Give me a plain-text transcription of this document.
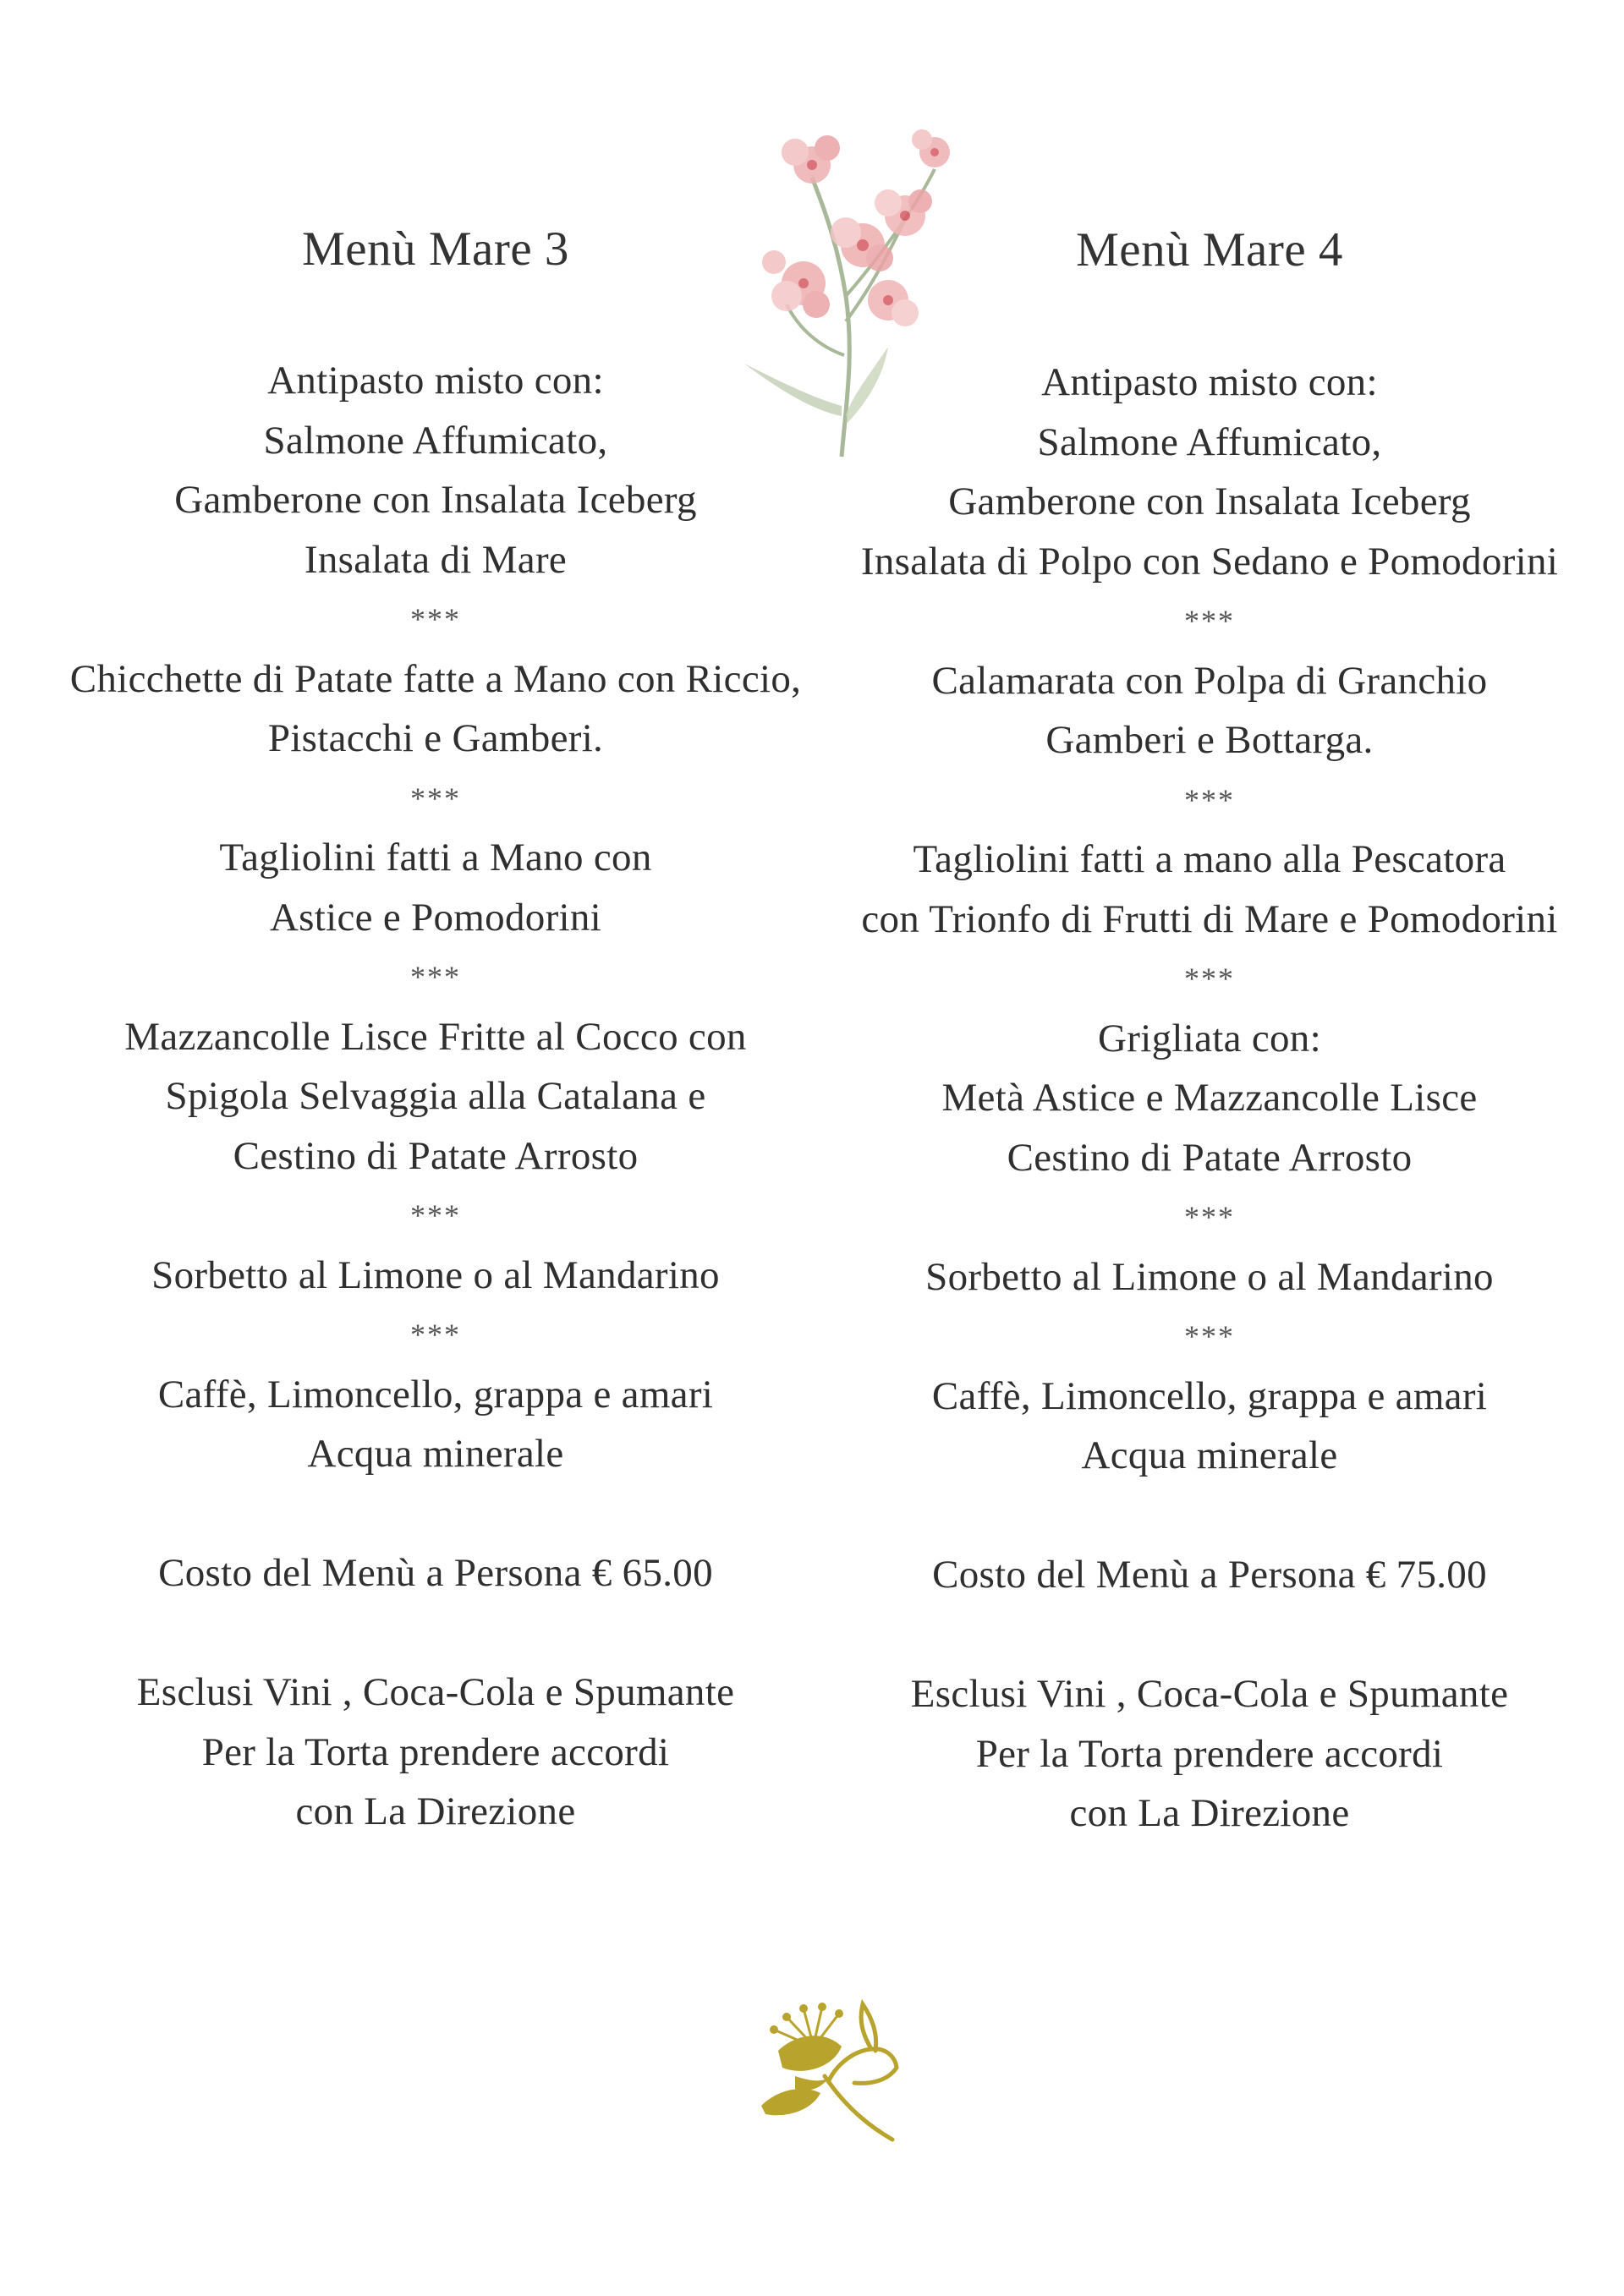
Menù Mare 3
Antipasto misto con:
Salmone Affumicato,
Gamberone con Insalata Iceberg
Insalata di Mare
***
Chicchette di Patate fatte a Mano con Riccio,
Pistacchi e Gamberi.
***
Tagliolini fatti a Mano con
Astice e Pomodorini
***
Mazzancolle Lisce Fritte al Cocco con
Spigola Selvaggia alla Catalana e
Cestino di Patate Arrosto
***
Sorbetto al Limone o al Mandarino
***
Caffè, Limoncello, grappa e amari
Acqua minerale
Costo del Menù a Persona € 65.00
Esclusi Vini , Coca-Cola e Spumante
Per la Torta prendere accordi
con La Direzione
Menù Mare 4
Antipasto misto con:
Salmone Affumicato,
Gamberone con Insalata Iceberg
Insalata di Polpo con Sedano e Pomodorini
***
Calamarata con Polpa di Granchio
Gamberi e Bottarga.
***
Tagliolini fatti a mano alla Pescatora
con Trionfo di Frutti di Mare e Pomodorini
***
Grigliata con:
Metà Astice e Mazzancolle Lisce
Cestino di Patate Arrosto
***
Sorbetto al Limone o al Mandarino
***
Caffè, Limoncello, grappa e amari
Acqua minerale
Costo del Menù a Persona € 75.00
Esclusi Vini , Coca-Cola e Spumante
Per la Torta prendere accordi
con La Direzione
